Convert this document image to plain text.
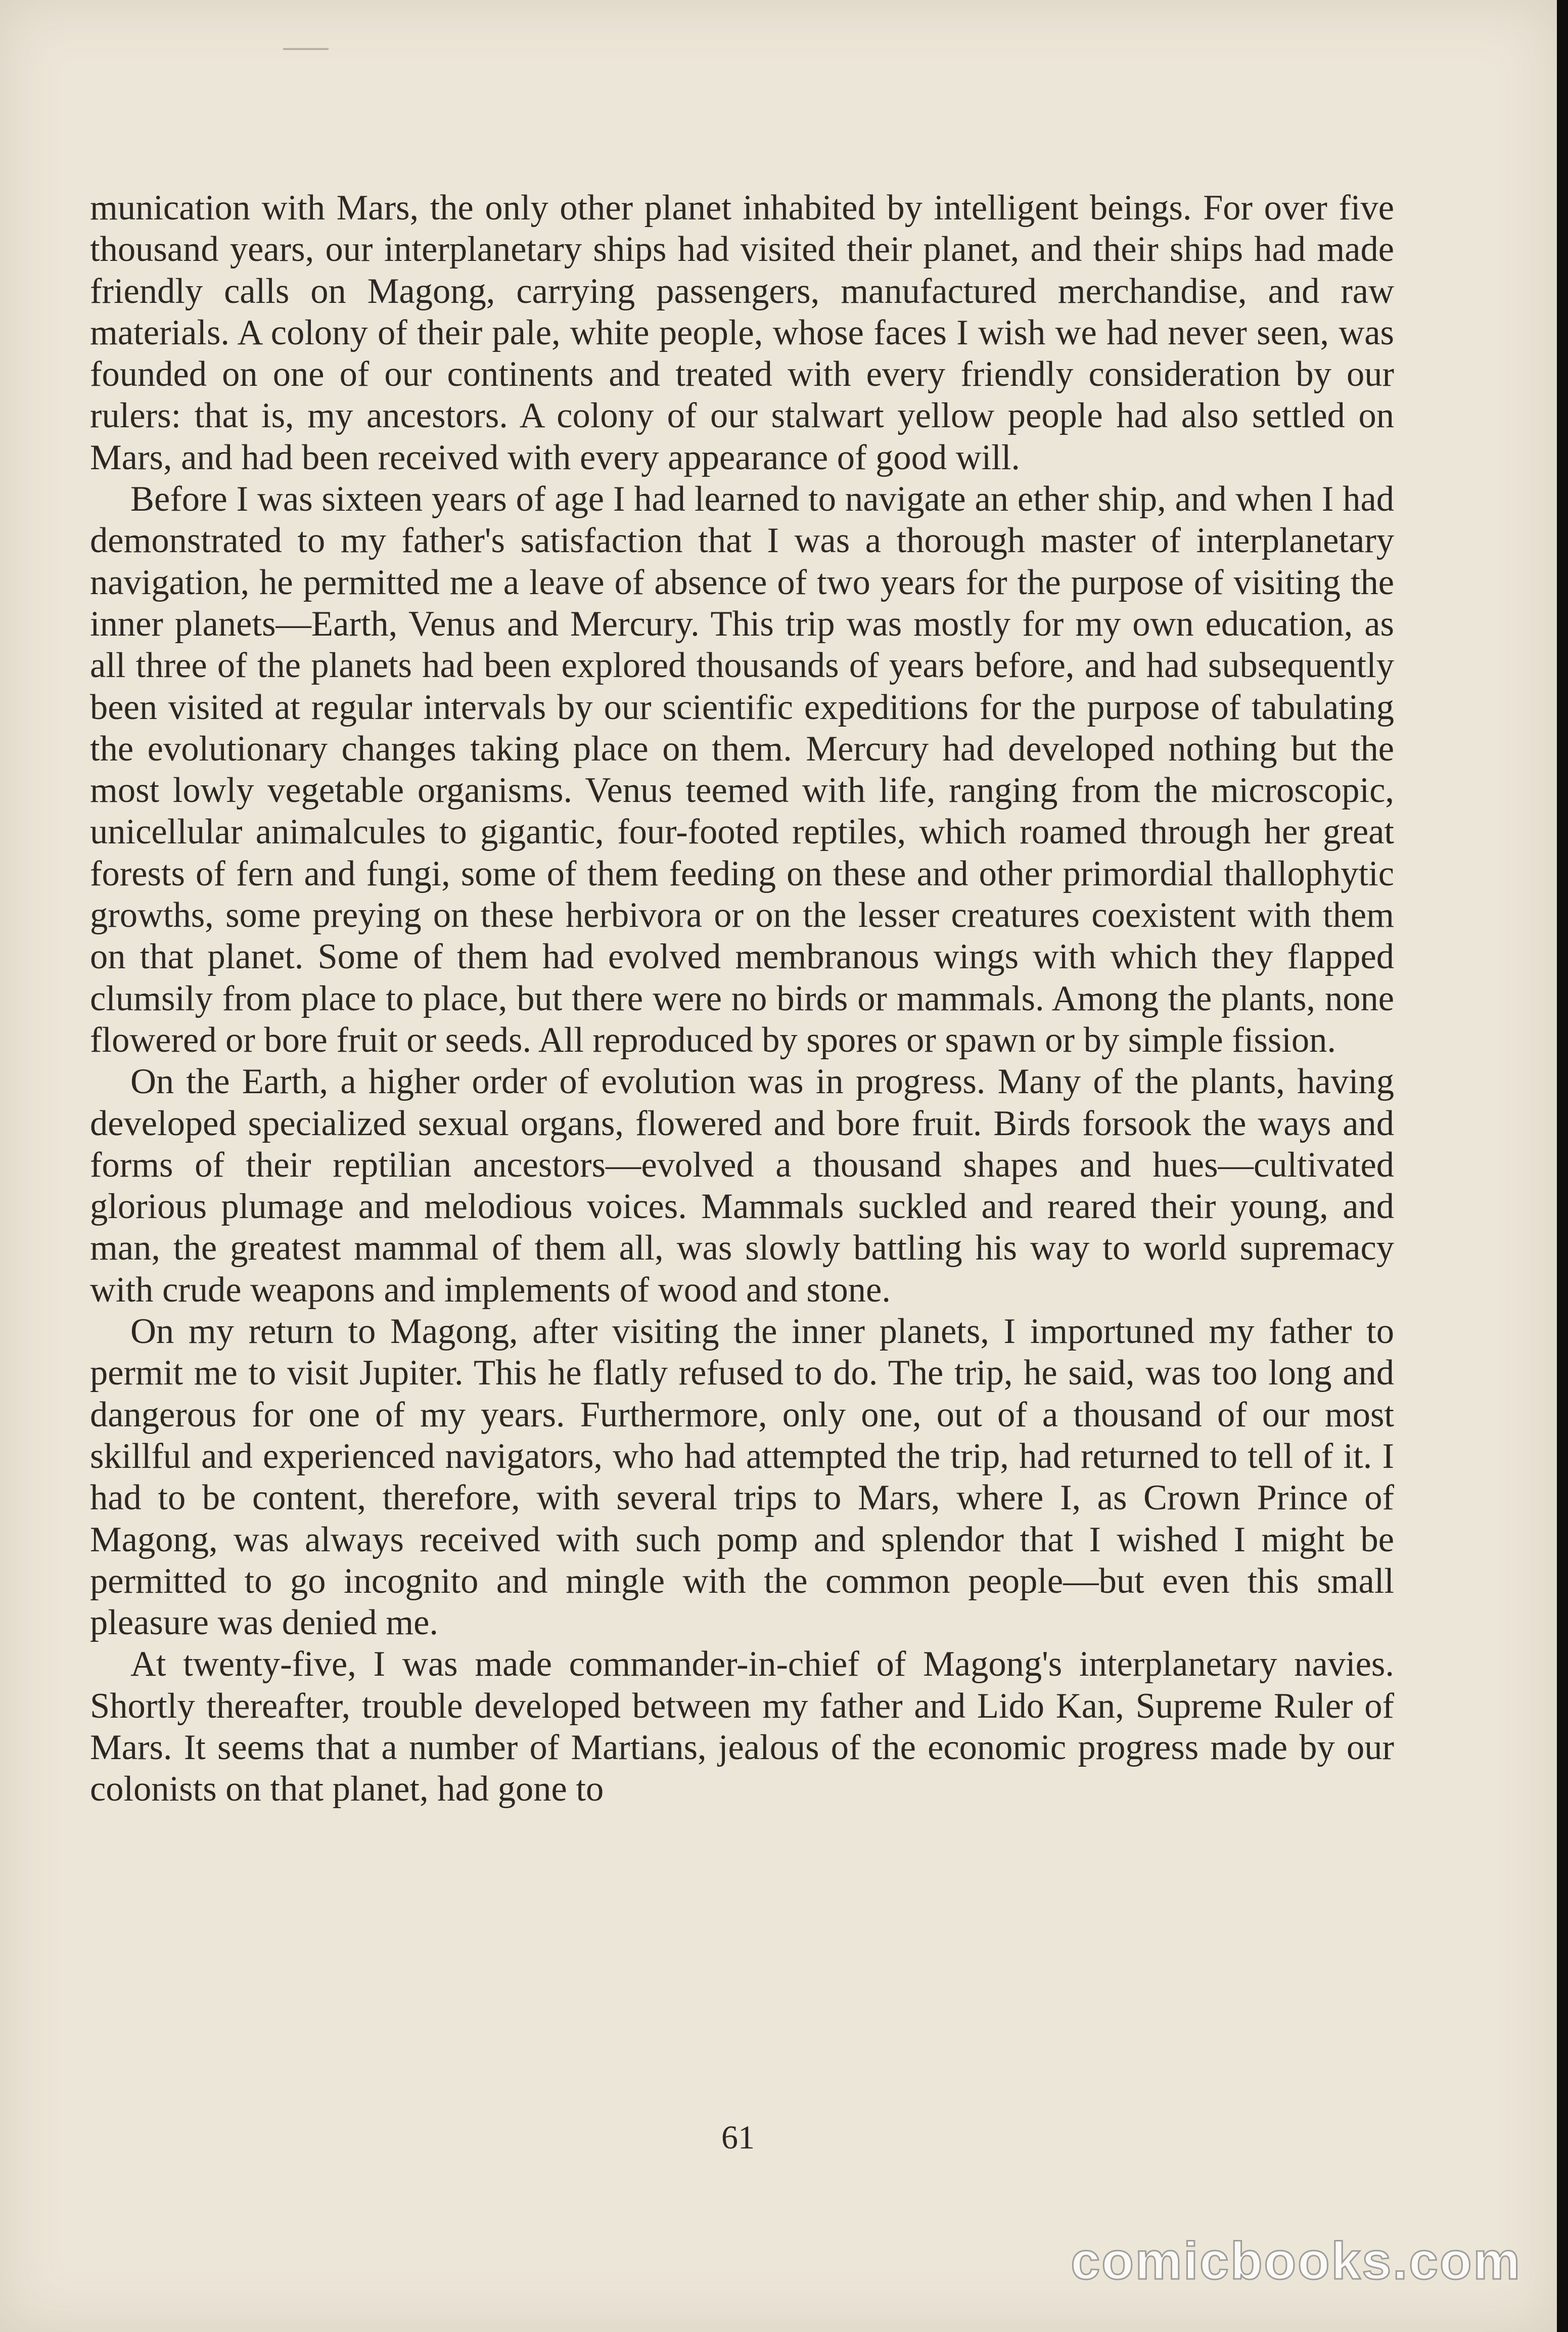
munication with Mars, the only other planet inhabited by intelligent beings. For over five thousand years, our interplanetary ships had visited their planet, and their ships had made friendly calls on Magong, carrying passengers, manufactured merchandise, and raw materials. A colony of their pale, white people, whose faces I wish we had never seen, was founded on one of our continents and treated with every friendly consideration by our rulers: that is, my ancestors. A colony of our stalwart yellow people had also settled on Mars, and had been received with every appearance of good will.

Before I was sixteen years of age I had learned to navigate an ether ship, and when I had demonstrated to my father's satisfaction that I was a thorough master of interplanetary navigation, he permitted me a leave of absence of two years for the purpose of visiting the inner planets—Earth, Venus and Mercury. This trip was mostly for my own education, as all three of the planets had been explored thousands of years before, and had subsequently been visited at regular intervals by our scientific expeditions for the purpose of tabulating the evolutionary changes taking place on them. Mercury had developed nothing but the most lowly vegetable organisms. Venus teemed with life, ranging from the microscopic, unicellular animalcules to gigantic, four-footed reptiles, which roamed through her great forests of fern and fungi, some of them feeding on these and other primordial thallophytic growths, some preying on these herbivora or on the lesser creatures coexistent with them on that planet. Some of them had evolved membranous wings with which they flapped clumsily from place to place, but there were no birds or mammals. Among the plants, none flowered or bore fruit or seeds. All reproduced by spores or spawn or by simple fission.

On the Earth, a higher order of evolution was in progress. Many of the plants, having developed specialized sexual organs, flowered and bore fruit. Birds forsook the ways and forms of their reptilian ancestors—evolved a thousand shapes and hues—cultivated glorious plumage and melodious voices. Mammals suckled and reared their young, and man, the greatest mammal of them all, was slowly battling his way to world supremacy with crude weapons and implements of wood and stone.

On my return to Magong, after visiting the inner planets, I importuned my father to permit me to visit Jupiter. This he flatly refused to do. The trip, he said, was too long and dangerous for one of my years. Furthermore, only one, out of a thousand of our most skillful and experienced navigators, who had attempted the trip, had returned to tell of it. I had to be content, therefore, with several trips to Mars, where I, as Crown Prince of Magong, was always received with such pomp and splendor that I wished I might be permitted to go incognito and mingle with the common people—but even this small pleasure was denied me.

At twenty-five, I was made commander-in-chief of Magong's interplanetary navies. Shortly thereafter, trouble developed between my father and Lido Kan, Supreme Ruler of Mars. It seems that a number of Martians, jealous of the economic progress made by our colonists on that planet, had gone to

61
comicbooks.com
